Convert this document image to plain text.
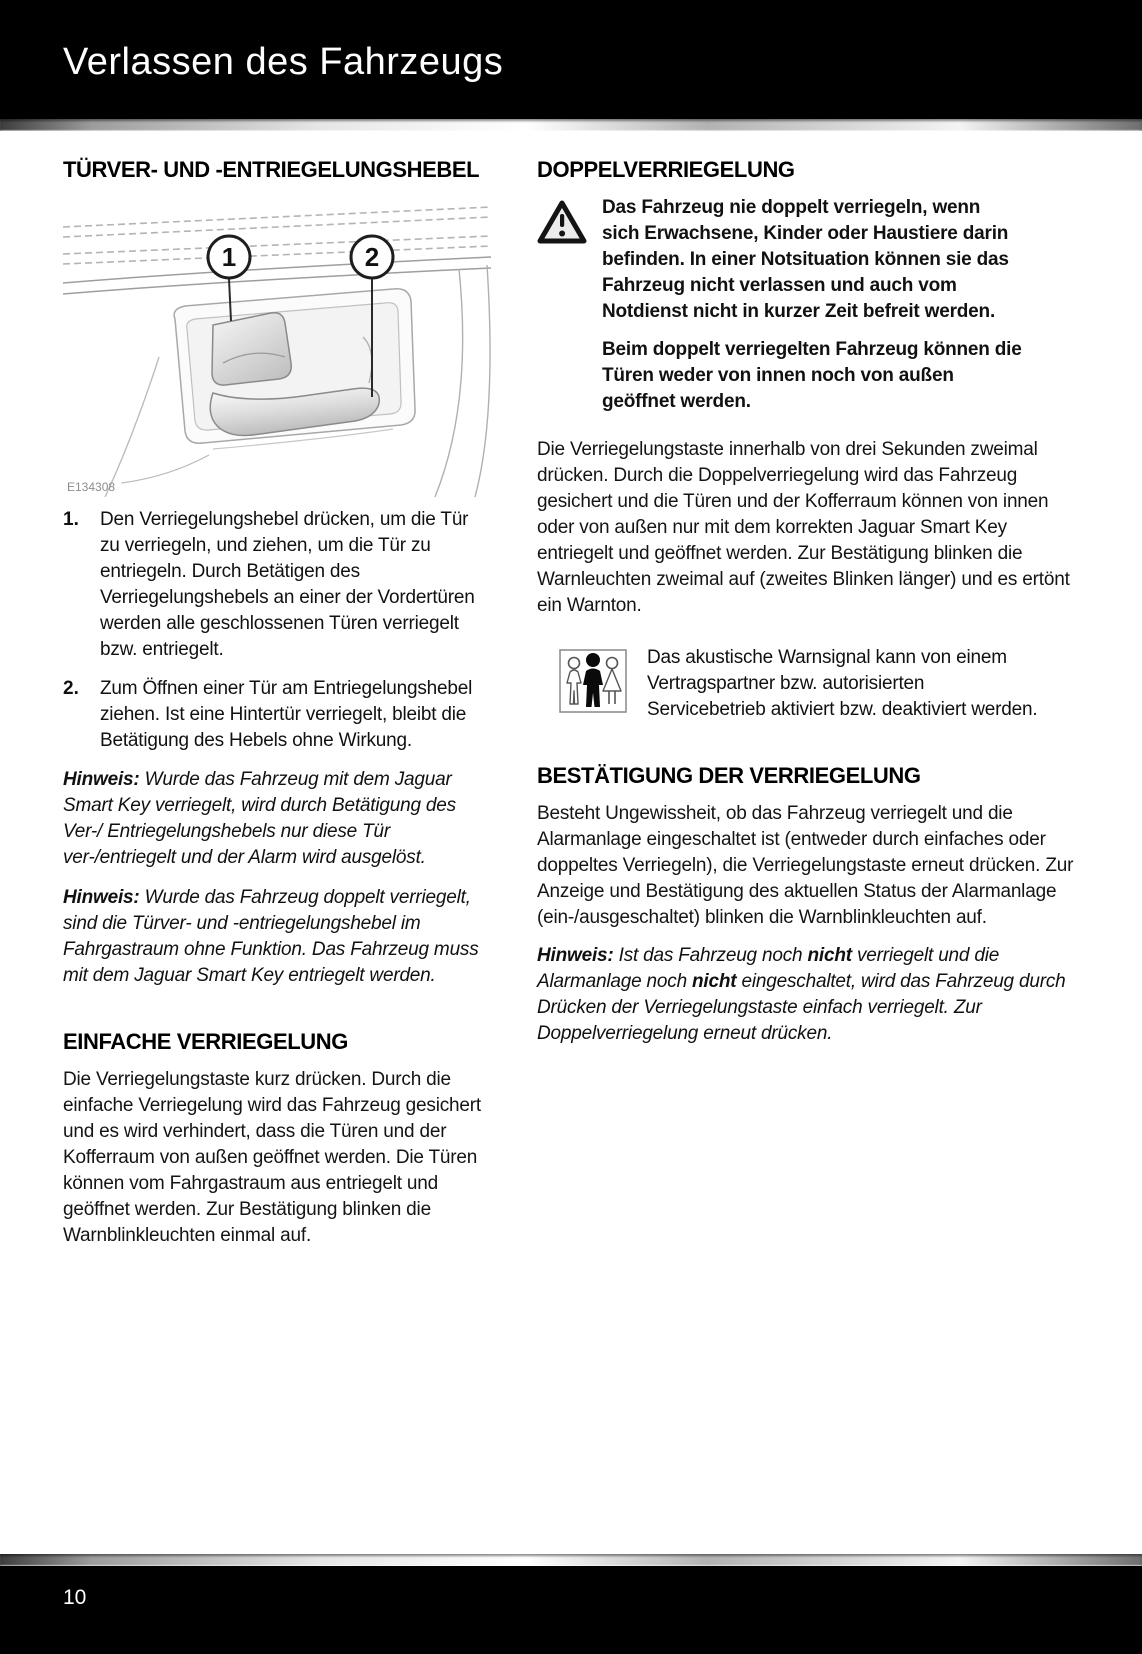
Verlassen des Fahrzeugs
TÜRVER- UND -ENTRIEGELUNGSHEBEL
1	2
E134308
1.	Den Verriegelungshebel drücken, um die Tür zu verriegeln, und ziehen, um die Tür zu entriegeln. Durch Betätigen des Verriegelungshebels an einer der Vordertüren werden alle geschlossenen Türen verriegelt bzw. entriegelt.
2.	Zum Öffnen einer Tür am Entriegelungshebel ziehen. Ist eine Hintertür verriegelt, bleibt die Betätigung des Hebels ohne Wirkung.

Hinweis: Wurde das Fahrzeug mit dem Jaguar Smart Key verriegelt, wird durch Betätigung des Ver-/ Entriegelungshebels nur diese Tür ver-/entriegelt und der Alarm wird ausgelöst.

Hinweis: Wurde das Fahrzeug doppelt verriegelt, sind die Türver- und -entriegelungshebel im Fahrgastraum ohne Funktion. Das Fahrzeug muss mit dem Jaguar Smart Key entriegelt werden.

EINFACHE VERRIEGELUNG

Die Verriegelungstaste kurz drücken. Durch die einfache Verriegelung wird das Fahrzeug gesichert und es wird verhindert, dass die Türen und der Kofferraum von außen geöffnet werden. Die Türen können vom Fahrgastraum aus entriegelt und geöffnet werden. Zur Bestätigung blinken die Warnblinkleuchten einmal auf.

DOPPELVERRIEGELUNG

Das Fahrzeug nie doppelt verriegeln, wenn sich Erwachsene, Kinder oder Haustiere darin befinden. In einer Notsituation können sie das Fahrzeug nicht verlassen und auch vom Notdienst nicht in kurzer Zeit befreit werden.

Beim doppelt verriegelten Fahrzeug können die Türen weder von innen noch von außen geöffnet werden.

Die Verriegelungstaste innerhalb von drei Sekunden zweimal drücken. Durch die Doppelverriegelung wird das Fahrzeug gesichert und die Türen und der Kofferraum können von innen oder von außen nur mit dem korrekten Jaguar Smart Key entriegelt und geöffnet werden. Zur Bestätigung blinken die Warnleuchten zweimal auf (zweites Blinken länger) und es ertönt ein Warnton.

Das akustische Warnsignal kann von einem Vertragspartner bzw. autorisierten Servicebetrieb aktiviert bzw. deaktiviert werden.
BESTÄTIGUNG DER VERRIEGELUNG

Besteht Ungewissheit, ob das Fahrzeug verriegelt und die Alarmanlage eingeschaltet ist (entweder durch einfaches oder doppeltes Verriegeln), die Verriegelungstaste erneut drücken. Zur Anzeige und Bestätigung des aktuellen Status der Alarmanlage (ein-/ausgeschaltet) blinken die Warnblinkleuchten auf.

Hinweis: Ist das Fahrzeug noch nicht verriegelt und die Alarmanlage noch nicht eingeschaltet, wird das Fahrzeug durch Drücken der Verriegelungstaste einfach verriegelt. Zur Doppelverriegelung erneut drücken.

10
